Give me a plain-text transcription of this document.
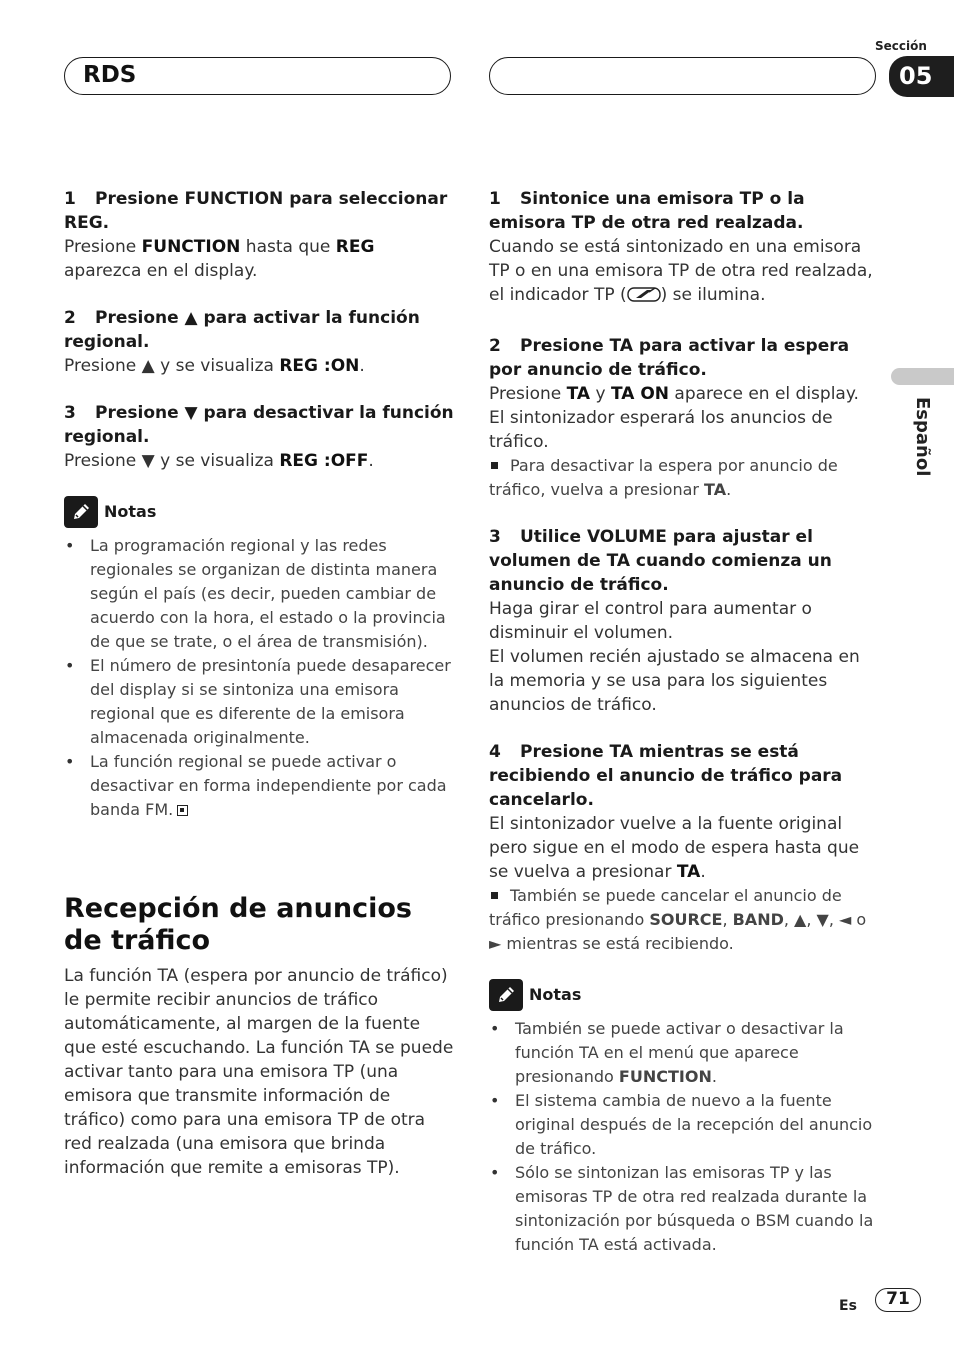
RDS
Sección
05
Español
1 Presione FUNCTION para seleccionar REG.
Presione FUNCTION hasta que REG aparezca en el display.
2 Presione ▲ para activar la función regional.
Presione ▲ y se visualiza REG :ON.
3 Presione ▼ para desactivar la función regional.
Presione ▼ y se visualiza REG :OFF.
Notas
• La programación regional y las redes regionales se organizan de distinta manera según el país (es decir, pueden cambiar de acuerdo con la hora, el estado o la provincia de que se trate, o el área de transmisión).
• El número de presintonía puede desaparecer del display si se sintoniza una emisora regional que es diferente de la emisora almacenada originalmente.
• La función regional se puede activar o desactivar en forma independiente por cada banda FM.
Recepción de anuncios de tráfico
La función TA (espera por anuncio de tráfico) le permite recibir anuncios de tráfico automáticamente, al margen de la fuente que esté escuchando. La función TA se puede activar tanto para una emisora TP (una emisora que transmite información de tráfico) como para una emisora TP de otra red realzada (una emisora que brinda información que remite a emisoras TP).
1 Sintonice una emisora TP o la emisora TP de otra red realzada.
Cuando se está sintonizado en una emisora TP o en una emisora TP de otra red realzada, el indicador TP ( ) se ilumina.
2 Presione TA para activar la espera por anuncio de tráfico.
Presione TA y TA ON aparece en el display. El sintonizador esperará los anuncios de tráfico.
Para desactivar la espera por anuncio de tráfico, vuelva a presionar TA.
3 Utilice VOLUME para ajustar el volumen de TA cuando comienza un anuncio de tráfico.
Haga girar el control para aumentar o disminuir el volumen.
El volumen recién ajustado se almacena en la memoria y se usa para los siguientes anuncios de tráfico.
4 Presione TA mientras se está recibiendo el anuncio de tráfico para cancelarlo.
El sintonizador vuelve a la fuente original pero sigue en el modo de espera hasta que se vuelva a presionar TA.
También se puede cancelar el anuncio de tráfico presionando SOURCE, BAND, ▲, ▼, ◄ o ► mientras se está recibiendo.
Notas
• También se puede activar o desactivar la función TA en el menú que aparece presionando FUNCTION.
• El sistema cambia de nuevo a la fuente original después de la recepción del anuncio de tráfico.
• Sólo se sintonizan las emisoras TP y las emisoras TP de otra red realzada durante la sintonización por búsqueda o BSM cuando la función TA está activada.
Es	71
